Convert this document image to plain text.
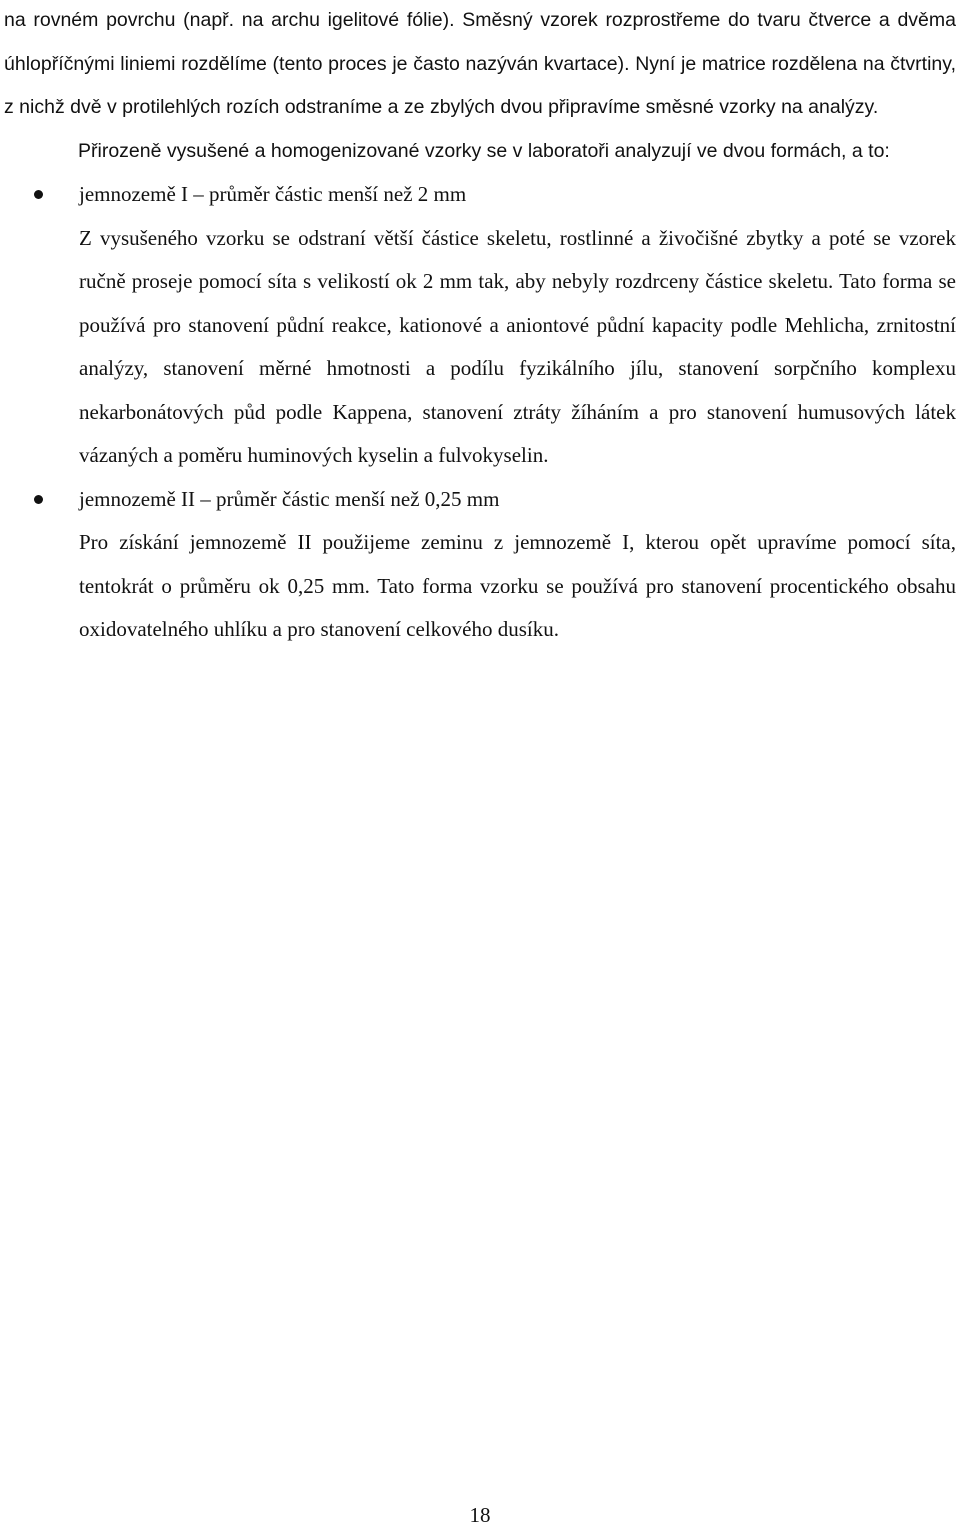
na rovném povrchu (např. na archu igelitové fólie). Směsný vzorek rozprostřeme do tvaru čtverce a dvěma úhlopříčnými liniemi rozdělíme (tento proces je často nazýván kvartace). Nyní je matrice rozdělena na čtvrtiny, z nichž dvě v protilehlých rozích odstraníme a ze zbylých dvou připravíme směsné vzorky na analýzy.

Přirozeně vysušené a homogenizované vzorky se v laboratoři analyzují ve dvou formách, a to:

jemnozemě I – průměr částic menší než 2 mm

Z vysušeného vzorku se odstraní větší částice skeletu, rostlinné a živočišné zbytky a poté se vzorek ručně proseje pomocí síta s velikostí ok 2 mm tak, aby nebyly rozdrceny částice skeletu. Tato forma se používá pro stanovení půdní reakce, kationové a aniontové půdní kapacity podle Mehlicha, zrnitostní analýzy, stanovení měrné hmotnosti a podílu fyzikálního jílu, stanovení sorpčního komplexu nekarbonátových půd podle Kappena, stanovení ztráty žíháním a pro stanovení humusových látek vázaných a poměru huminových kyselin a fulvokyselin.

jemnozemě II – průměr částic menší než 0,25 mm

Pro získání jemnozemě II použijeme zeminu z jemnozemě I, kterou opět upravíme pomocí síta, tentokrát o průměru ok 0,25 mm. Tato forma vzorku se používá pro stanovení procentického obsahu oxidovatelného uhlíku a pro stanovení celkového dusíku.

18
